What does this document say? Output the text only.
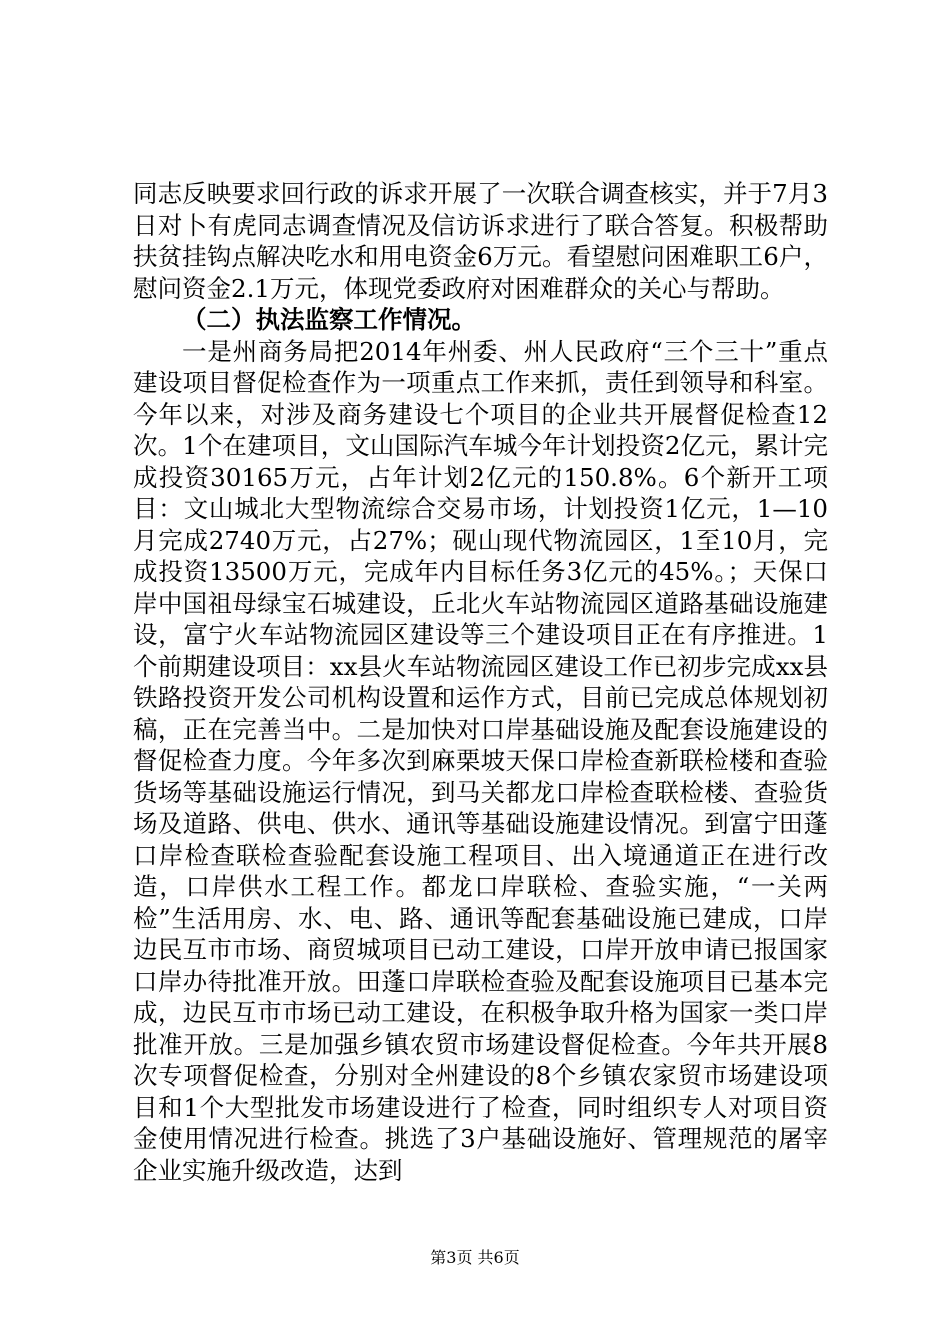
同志反映要求回行政的诉求开展了一次联合调查核实，并于7月3日对卜有虎同志调查情况及信访诉求进行了联合答复。积极帮助扶贫挂钩点解决吃水和用电资金6万元。看望慰问困难职工6户，慰问资金2.1万元，体现党委政府对困难群众的关心与帮助。

（二）执法监察工作情况。

一是州商务局把2014年州委、州人民政府“三个三十”重点建设项目督促检查作为一项重点工作来抓，责任到领导和科室。今年以来，对涉及商务建设七个项目的企业共开展督促检查12次。1个在建项目，文山国际汽车城今年计划投资2亿元，累计完成投资30165万元，占年计划2亿元的150.8%。6个新开工项目：文山城北大型物流综合交易市场，计划投资1亿元，1—10月完成2740万元，占27%；砚山现代物流园区，1至10月，完成投资13500万元，完成年内目标任务3亿元的45%。；天保口岸中国祖母绿宝石城建设，丘北火车站物流园区道路基础设施建设，富宁火车站物流园区建设等三个建设项目正在有序推进。1个前期建设项目：xx县火车站物流园区建设工作已初步完成xx县铁路投资开发公司机构设置和运作方式，目前已完成总体规划初稿，正在完善当中。二是加快对口岸基础设施及配套设施建设的督促检查力度。今年多次到麻栗坡天保口岸检查新联检楼和查验货场等基础设施运行情况，到马关都龙口岸检查联检楼、查验货场及道路、供电、供水、通讯等基础设施建设情况。到富宁田蓬口岸检查联检查验配套设施工程项目、出入境通道正在进行改造，口岸供水工程工作。都龙口岸联检、查验实施，“一关两检”生活用房、水、电、路、通讯等配套基础设施已建成，口岸边民互市市场、商贸城项目已动工建设，口岸开放申请已报国家口岸办待批准开放。田蓬口岸联检查验及配套设施项目已基本完成，边民互市市场已动工建设，在积极争取升格为国家一类口岸批准开放。三是加强乡镇农贸市场建设督促检查。今年共开展8次专项督促检查，分别对全州建设的8个乡镇农家贸市场建设项目和1个大型批发市场建设进行了检查，同时组织专人对项目资金使用情况进行检查。挑选了3户基础设施好、管理规范的屠宰企业实施升级改造，达到

第3页 共6页
